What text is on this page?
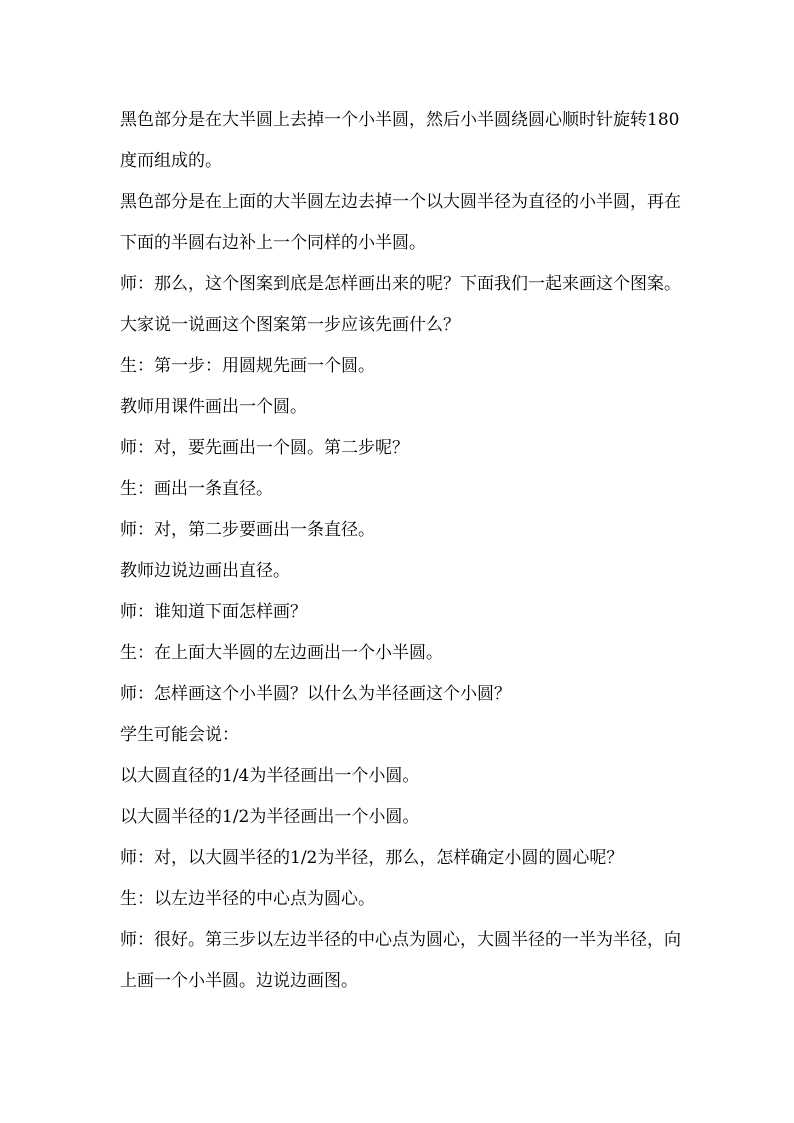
黑色部分是在大半圆上去掉一个小半圆，然后小半圆绕圆心顺时针旋转180度而组成的。

黑色部分是在上面的大半圆左边去掉一个以大圆半径为直径的小半圆，再在下面的半圆右边补上一个同样的小半圆。

师：那么，这个图案到底是怎样画出来的呢？下面我们一起来画这个图案。大家说一说画这个图案第一步应该先画什么？

生：第一步：用圆规先画一个圆。

教师用课件画出一个圆。

师：对，要先画出一个圆。第二步呢？

生：画出一条直径。

师：对，第二步要画出一条直径。

教师边说边画出直径。

师：谁知道下面怎样画？

生：在上面大半圆的左边画出一个小半圆。

师：怎样画这个小半圆？以什么为半径画这个小圆？

学生可能会说：

以大圆直径的1/4为半径画出一个小圆。

以大圆半径的1/2为半径画出一个小圆。

师：对，以大圆半径的1/2为半径，那么，怎样确定小圆的圆心呢？

生：以左边半径的中心点为圆心。

师：很好。第三步以左边半径的中心点为圆心，大圆半径的一半为半径，向上画一个小半圆。边说边画图。
